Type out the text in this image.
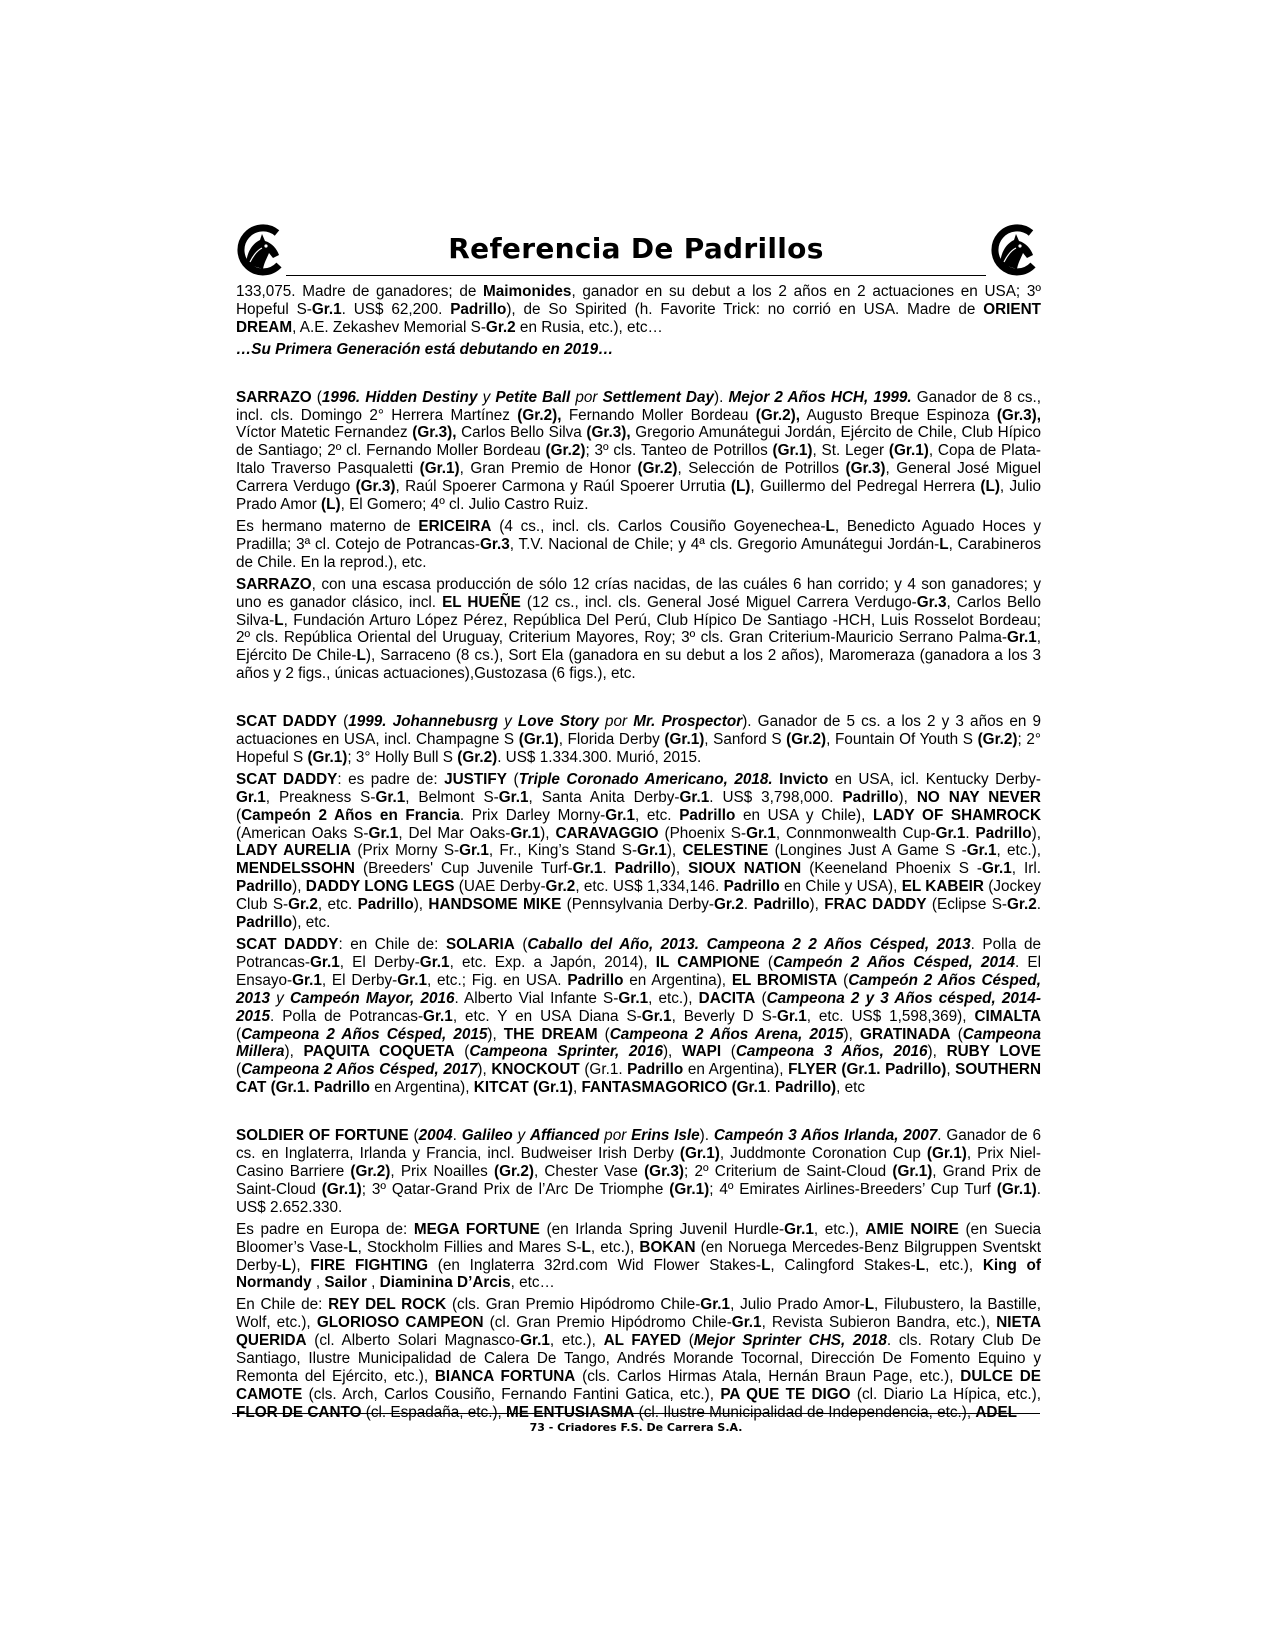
Referencia De Padrillos

133,075. Madre de ganadores; de Maimonides, ganador en su debut a los 2 años en 2 actuaciones en USA; 3º Hopeful S-Gr.1. US$ 62,200. Padrillo), de So Spirited (h. Favorite Trick: no corrió en USA. Madre de ORIENT DREAM, A.E. Zekashev Memorial S-Gr.2 en Rusia, etc.), etc…

…Su Primera Generación está debutando en 2019…

SARRAZO (1996. Hidden Destiny y Petite Ball por Settlement Day). Mejor 2 Años HCH, 1999. Ganador de 8 cs., incl. cls. Domingo 2° Herrera Martínez (Gr.2), Fernando Moller Bordeau (Gr.2), Augusto Breque Espinoza (Gr.3), Víctor Matetic Fernandez (Gr.3), Carlos Bello Silva (Gr.3), Gregorio Amunátegui Jordán, Ejército de Chile, Club Hípico de Santiago; 2º cl. Fernando Moller Bordeau (Gr.2); 3º cls. Tanteo de Potrillos (Gr.1), St. Leger (Gr.1), Copa de Plata-Italo Traverso Pasqualetti (Gr.1), Gran Premio de Honor (Gr.2), Selección de Potrillos (Gr.3), General José Miguel Carrera Verdugo (Gr.3), Raúl Spoerer Carmona y Raúl Spoerer Urrutia (L), Guillermo del Pedregal Herrera (L), Julio Prado Amor (L), El Gomero; 4º cl. Julio Castro Ruiz.

Es hermano materno de ERICEIRA (4 cs., incl. cls. Carlos Cousiño Goyenechea-L, Benedicto Aguado Hoces y Pradilla; 3ª cl. Cotejo de Potrancas-Gr.3, T.V. Nacional de Chile; y 4ª cls. Gregorio Amunátegui Jordán-L, Carabineros de Chile. En la reprod.), etc.

SARRAZO, con una escasa producción de sólo 12 crías nacidas, de las cuáles 6 han corrido; y 4 son ganadores; y uno es ganador clásico, incl. EL HUEÑE (12 cs., incl. cls. General José Miguel Carrera Verdugo-Gr.3, Carlos Bello Silva-L, Fundación Arturo López Pérez, República Del Perú, Club Hípico De Santiago -HCH, Luis Rosselot Bordeau; 2º cls. República Oriental del Uruguay, Criterium Mayores, Roy; 3º cls. Gran Criterium-Mauricio Serrano Palma-Gr.1, Ejército De Chile-L), Sarraceno (8 cs.), Sort Ela (ganadora en su debut a los 2 años), Maromeraza (ganadora a los 3 años y 2 figs., únicas actuaciones),Gustozasa (6 figs.), etc.

SCAT DADDY (1999. Johannebusrg y Love Story por Mr. Prospector). Ganador de 5 cs. a los 2 y 3 años en 9 actuaciones en USA, incl. Champagne S (Gr.1), Florida Derby (Gr.1), Sanford S (Gr.2), Fountain Of Youth S (Gr.2); 2° Hopeful S (Gr.1); 3° Holly Bull S (Gr.2). US$ 1.334.300. Murió, 2015.

SCAT DADDY: es padre de: JUSTIFY (Triple Coronado Americano, 2018. Invicto en USA, icl. Kentucky Derby-Gr.1, Preakness S-Gr.1, Belmont S-Gr.1, Santa Anita Derby-Gr.1. US$ 3,798,000. Padrillo), NO NAY NEVER (Campeón 2 Años en Francia. Prix Darley Morny-Gr.1, etc. Padrillo en USA y Chile), LADY OF SHAMROCK (American Oaks S-Gr.1, Del Mar Oaks-Gr.1), CARAVAGGIO (Phoenix S-Gr.1, Connmonwealth Cup-Gr.1. Padrillo), LADY AURELIA (Prix Morny S-Gr.1, Fr., King’s Stand S-Gr.1), CELESTINE (Longines Just A Game S -Gr.1, etc.), MENDELSSOHN (Breeders' Cup Juvenile Turf-Gr.1. Padrillo), SIOUX NATION (Keeneland Phoenix S -Gr.1, Irl. Padrillo), DADDY LONG LEGS (UAE Derby-Gr.2, etc. US$ 1,334,146. Padrillo en Chile y USA), EL KABEIR (Jockey Club S-Gr.2, etc. Padrillo), HANDSOME MIKE (Pennsylvania Derby-Gr.2. Padrillo), FRAC DADDY (Eclipse S-Gr.2. Padrillo), etc.

SCAT DADDY: en Chile de: SOLARIA (Caballo del Año, 2013. Campeona 2 2 Años Césped, 2013. Polla de Potrancas-Gr.1, El Derby-Gr.1, etc. Exp. a Japón, 2014), IL CAMPIONE (Campeón 2 Años Césped, 2014. El Ensayo-Gr.1, El Derby-Gr.1, etc.; Fig. en USA. Padrillo en Argentina), EL BROMISTA (Campeón 2 Años Césped, 2013 y Campeón Mayor, 2016. Alberto Vial Infante S-Gr.1, etc.), DACITA (Campeona 2 y 3 Años césped, 2014-2015. Polla de Potrancas-Gr.1, etc. Y en USA Diana S-Gr.1, Beverly D S-Gr.1, etc. US$ 1,598,369), CIMALTA (Campeona 2 Años Césped, 2015), THE DREAM (Campeona 2 Años Arena, 2015), GRATINADA (Campeona Millera), PAQUITA COQUETA (Campeona Sprinter, 2016), WAPI (Campeona 3 Años, 2016), RUBY LOVE (Campeona 2 Años Césped, 2017), KNOCKOUT (Gr.1. Padrillo en Argentina), FLYER (Gr.1. Padrillo), SOUTHERN CAT (Gr.1. Padrillo en Argentina), KITCAT (Gr.1), FANTASMAGORICO (Gr.1. Padrillo), etc

SOLDIER OF FORTUNE (2004. Galileo y Affianced por Erins Isle). Campeón 3 Años Irlanda, 2007. Ganador de 6 cs. en Inglaterra, Irlanda y Francia, incl. Budweiser Irish Derby (Gr.1), Juddmonte Coronation Cup (Gr.1), Prix Niel-Casino Barriere (Gr.2), Prix Noailles (Gr.2), Chester Vase (Gr.3); 2º Criterium de Saint-Cloud (Gr.1), Grand Prix de Saint-Cloud (Gr.1); 3º Qatar-Grand Prix de l’Arc De Triomphe (Gr.1); 4º Emirates Airlines-Breeders’ Cup Turf (Gr.1). US$ 2.652.330.

Es padre en Europa de: MEGA FORTUNE (en Irlanda Spring Juvenil Hurdle-Gr.1, etc.), AMIE NOIRE (en Suecia Bloomer’s Vase-L, Stockholm Fillies and Mares S-L, etc.), BOKAN (en Noruega Mercedes-Benz Bilgruppen Sventskt Derby-L), FIRE FIGHTING (en Inglaterra 32rd.com Wid Flower Stakes-L, Calingford Stakes-L, etc.), King of Normandy , Sailor , Diaminina D’Arcis, etc…

En Chile de: REY DEL ROCK (cls. Gran Premio Hipódromo Chile-Gr.1, Julio Prado Amor-L, Filubustero, la Bastille, Wolf, etc.), GLORIOSO CAMPEON (cl. Gran Premio Hipódromo Chile-Gr.1, Revista Subieron Bandra, etc.), NIETA QUERIDA (cl. Alberto Solari Magnasco-Gr.1, etc.), AL FAYED (Mejor Sprinter CHS, 2018. cls. Rotary Club De Santiago, Ilustre Municipalidad de Calera De Tango, Andrés Morande Tocornal, Dirección De Fomento Equino y Remonta del Ejército, etc.), BIANCA FORTUNA (cls. Carlos Hirmas Atala, Hernán Braun Page, etc.), DULCE DE CAMOTE (cls. Arch, Carlos Cousiño, Fernando Fantini Gatica, etc.), PA QUE TE DIGO (cl. Diario La Hípica, etc.), FLOR DE CANTO (cl. Espadaña, etc.), ME ENTUSIASMA (cl. Ilustre Municipalidad de Independencia, etc.), ADEL

73 - Criadores F.S. De Carrera S.A.
